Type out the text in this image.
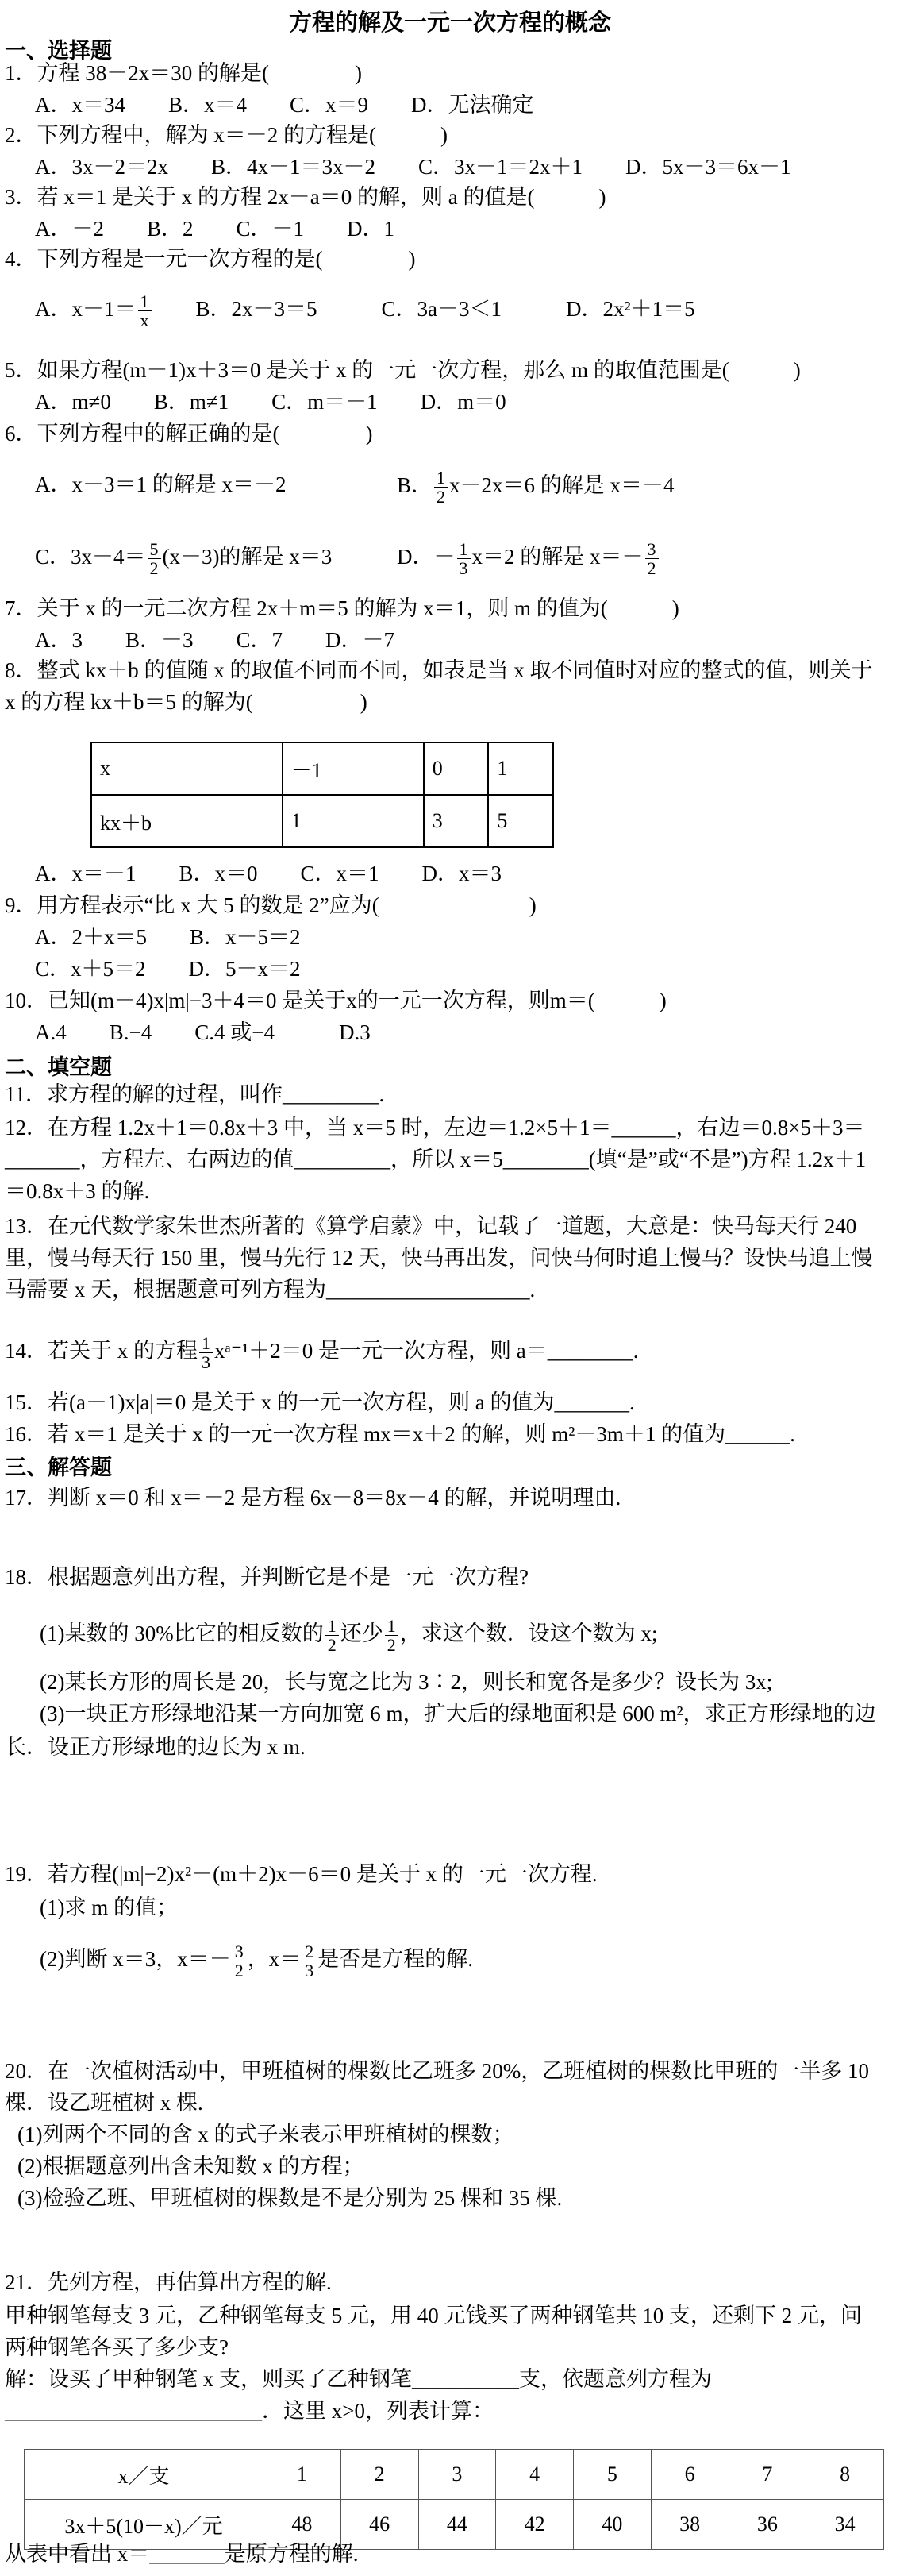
方程的解及一元一次方程的概念
一、选择题
1．方程 38－2x＝30 的解是(　　　　)
A．x＝34　　B．x＝4　　C．x＝9　　D．无法确定
2．下列方程中，解为 x＝－2 的方程是(　　　)
A．3x－2＝2x　　B．4x－1＝3x－2　　C．3x－1＝2x＋1　　D．5x－3＝6x－1
3．若 x＝1 是关于 x 的方程 2x－a＝0 的解，则 a 的值是(　　　)
A．－2　　B．2　　C．－1　　D．1
4．下列方程是一元一次方程的是(　　　　)
A．$x-1= \frac{1}{x}$
　　 B．2x－3＝5　　　C．3a－3＜1　　　D．2x²＋1＝5
5．如果方程(m－1)x＋3＝0 是关于 x 的一元一次方程，那么 m 的取值范围是(　　　)
A．m≠0　　B．m≠1　　C．m＝－1　　D．m＝0
6．下列方程中的解正确的是(　　　　)
A．x－3＝1 的解是 x＝－2	B． $\frac{1}{2} x-2x=6$ 的解是 x＝－4
C．$3x-4= \frac{5}{2} (x-3)$的解是 x＝3	D．－ $\frac{1}{3} x=2$ 的解是 $x=- \frac{3}{2}$
7．关于 x 的一元二次方程 2x＋m＝5 的解为 x＝1，则 m 的值为(　　　)
A．3　　B．－3　　C．7　　D．－7
8．整式 kx＋b 的值随 x 的取值不同而不同，如表是当 x 取不同值时对应的整式的值，则关于
x 的方程 kx＋b＝5 的解为(　　　　　)
x	－1	0	1
kx＋b	1	3	5
A．x＝－1　　B．x＝0　　C．x＝1　　D．x＝3
9．用方程表示“比 x 大 5 的数是 2”应为(　　　　　　　)
A．2＋x＝5　　B．x－5＝2
C．x＋5＝2　　D．5－x＝2
10．已知(m－4)x|m|−3＋4＝0 是关于x的一元一次方程，则m＝(　　　)
A.4　　B.−4　　C.4 或−4　　　D.3
二、填空题
11．求方程的解的过程，叫作_________.
12．在方程 1.2x＋1＝0.8x＋3 中，当 x＝5 时，左边＝1.2×5＋1＝______，右边＝0.8×5＋3＝
_______，方程左、右两边的值_________，所以 x＝5________(填“是”或“不是”)方程 1.2x＋1
＝0.8x＋3 的解.
13．在元代数学家朱世杰所著的《算学启蒙》中，记载了一道题，大意是：快马每天行 240
里，慢马每天行 150 里，慢马先行 12 天，快马再出发，问快马何时追上慢马？设快马追上慢
马需要 x 天，根据题意可列方程为___________________.
14．若关于 x 的方程 $\frac{1}{3}$ xᵃ⁻¹＋2＝0 是一元一次方程，则 a＝________.
15．若(a－1)x|a|＝0 是关于 x 的一元一次方程，则 a 的值为_______.
16．若 x＝1 是关于 x 的一元一次方程 mx＝x＋2 的解，则 m²－3m＋1 的值为______.
三、解答题
17．判断 x＝0 和 x＝－2 是方程 6x－8＝8x－4 的解，并说明理由.
18．根据题意列出方程，并判断它是不是一元一次方程?
(1)某数的 30%比它的相反数的 $\frac{1}{2}$ 还少 $\frac{1}{2}$ ，求这个数．设这个数为 x;
(2)某长方形的周长是 20，长与宽之比为 3∶2，则长和宽各是多少？设长为 3x;
(3)一块正方形绿地沿某一方向加宽 6 m，扩大后的绿地面积是 600 m²，求正方形绿地的边
长．设正方形绿地的边长为 x m.
19．若方程(|m|−2)x²－(m＋2)x－6＝0 是关于 x 的一元一次方程.
(1)求 m 的值；
(2)判断 x＝3，$x=- \frac{3}{2}$ ，$x= \frac{2}{3}$ 是否是方程的解.
20．在一次植树活动中，甲班植树的棵数比乙班多 20%，乙班植树的棵数比甲班的一半多 10
棵．设乙班植树 x 棵.
(1)列两个不同的含 x 的式子来表示甲班植树的棵数；
(2)根据题意列出含未知数 x 的方程；
(3)检验乙班、甲班植树的棵数是不是分别为 25 棵和 35 棵.
21．先列方程，再估算出方程的解.
甲种钢笔每支 3 元，乙种钢笔每支 5 元，用 40 元钱买了两种钢笔共 10 支，还剩下 2 元，问
两种钢笔各买了多少支?
解：设买了甲种钢笔 x 支，则买了乙种钢笔__________支，依题意列方程为
________________________．这里 x>0，列表计算：
x／支	1	2	3	4	5	6	7	8
3x＋5(10－x)／元	48	46	44	42	40	38	36	34
从表中看出 x＝_______是原方程的解.
